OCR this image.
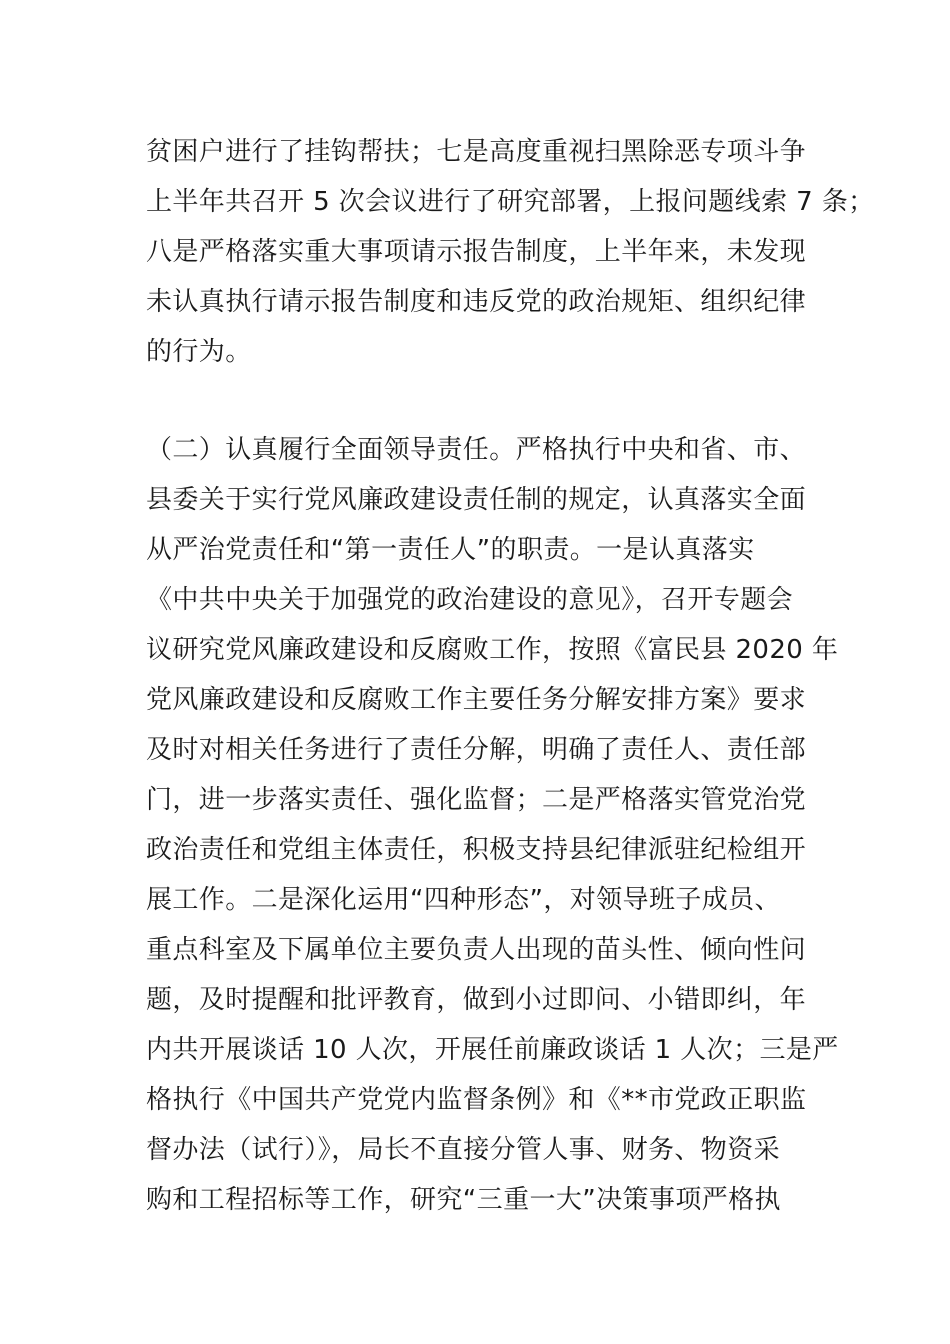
贫困户进行了挂钩帮扶；七是高度重视扫黑除恶专项斗争
上半年共召开 5 次会议进行了研究部署，上报问题线索 7 条；
八是严格落实重大事项请示报告制度，上半年来，未发现
未认真执行请示报告制度和违反党的政治规矩、组织纪律
的行为。
（二）认真履行全面领导责任。严格执行中央和省、市、
县委关于实行党风廉政建设责任制的规定，认真落实全面
从严治党责任和“第一责任人”的职责。一是认真落实
《中共中央关于加强党的政治建设的意见》，召开专题会
议研究党风廉政建设和反腐败工作，按照《富民县 2020 年
党风廉政建设和反腐败工作主要任务分解安排方案》要求
及时对相关任务进行了责任分解，明确了责任人、责任部
门，进一步落实责任、强化监督；二是严格落实管党治党
政治责任和党组主体责任，积极支持县纪律派驻纪检组开
展工作。二是深化运用“四种形态”，对领导班子成员、
重点科室及下属单位主要负责人出现的苗头性、倾向性问
题，及时提醒和批评教育，做到小过即问、小错即纠，年
内共开展谈话 10 人次，开展任前廉政谈话 1 人次；三是严
格执行《中国共产党党内监督条例》和《**市党政正职监
督办法（试行）》，局长不直接分管人事、财务、物资采
购和工程招标等工作，研究“三重一大”决策事项严格执
